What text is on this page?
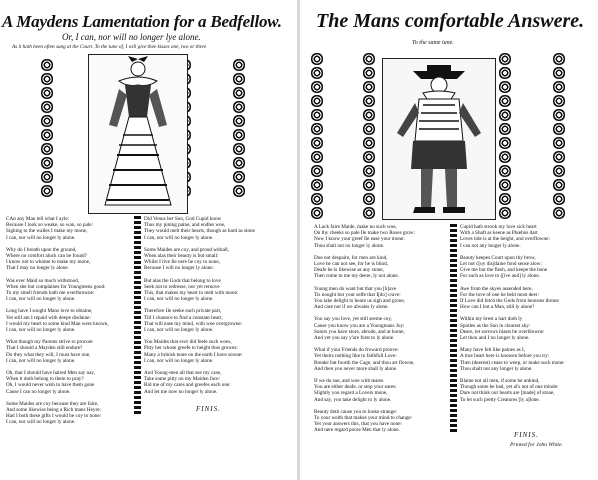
A Maydens Lamentation for a Bedfellow.
Or, I can, nor will no longer lye alone.
As it hath been often sung at the Court. To the tune of, I will give thee kisses one, two or three
CAn any Man tell what I ayle:
Because I look so weake, so wan, so pale:
Sighing to the walles I make my mone,
I can, nor will no longer ly alone.
Why do I breath upon the ground,
Where no comfort aluck can be found?
I know not to whome to make my mone,
That I may no longer ly alone.
Was ever Maid so much withstood,
When she but complaines for Youngmens good:
To my smell friends hath me overthrowne:
I can, nor will no longer ly alone.
Long have I sought Mans love to obtaine,
Yet still am I repaid with deepe disdaine:
I would my heart to some kind Man were known,
I can, nor will no longer ly alone.
What though my Parents strive to procure
That I should a Mayden still endure?
Do they what they will, I must have one,
I can, nor will no longer ly alone.
Oh, that I should have hatred Men say nay,
When it doth belong to them to pray?
Oh, I would never wish to have them gone
Cause I can no longer ly alone.
Some Maides are coy because they are faire,
And some likewise being a Rich mans Heyre:
Had I both these gifts I would be coy to none:
I can, nor will no longer ly alone.
Did Venus her Son, God Cupid know
Thus my pining paine, and endles woe,
They would melt their hearts, though as hard as stone
I can, nor will no longer ly alone.
Some Maides are coy, and proud withall,
When alas their beauty is but small:
Whilst I live Ile nere be coy to none,
Because I will no longer ly alone.
But alas the Gods that belong to love
Seek not to redresse, nor yet remove
This, that makes my heart to melt with mone:
I can, nor will no longer ly alone.
Therefore Ile seeke each private part,
Till I chaunce to find a constant heart,
That will ease my mind, with woe overgrowne:
I can, nor will no longer ly alone.
You Maides that ever did feele such woes,
Pitty her whose greefe to height thus growes:
Many a brinish teare on the earth I have sowne:
I can, nor will no longer ly alone.
And Young-men all that see my case,
Take some pitty on my Maiden face:
Rid me of my cares and greefes each one:
And let me now no longer ly alone.
FINIS.
The Mans comfortable Answere.
To the same tune.
A Lack faire Maide, make no such woe,
On thy cheeks so pale Ile make two Roses grow:
Now I know your greef Ile ease your mone:
Thou shalt not no longer ly alone.
Doe not despaire, for men are kind,
Love he can not see, for he is blind,
Deafe he is likewise as any stone,
Then come to me my deere, ly not alone.
Young men do want but that you [h]ave
Tis nought but your selfe that I[do] crave:
You take delight to heare us sigh and grone,
And care not if we alwaies ly alone.
You say you love, yet still seeme coy,
Cause you know you are a Youngmans Joy:
Sutors you have store, abrode, and at home,
And yet you say y'are forst to ly alone.
What if your Friends do froward proove:
Yet theirs nothing like to faithfull Love:
Breake but foorth the Cage, and thou art flowne,
And then you never more shall ly alone.
If we do sue, and woe with teares
You are either deafe, or stop your eares:
Slightly you regard a Lovers mone,
And say, you take delight to ly alone.
Beauty doth cause you to looke strange:
To your welth that makes your mind to change:
Yet your answers this, that you have none:
And nere regard poore Men that ly alone.
Cupid hath strook my love sick heart
With a Shaft as keene as Phœbus dart
Loves tide is at the height, and overflowne:
I can not any longer ly alone.
Beauty keepes Court upon thy brow,
Let not c[oy dis]daine fond sense alow:
Give me but the flesh, and keepe the bone
For such as love to ([ive and] ly alone.
Awe from the skyes assended here,
For the love of one he held most deer:
If Love did fetch the Gods from heavens throne
How can I but a Man, still ly alone?
Within my brest a hart doth ly
Spotles as the Sun in clearest sky:
Deare, let sorrows blasts be overblowne:
Let thou and I no longer ly alone.
Many have felt like paines as I,
A true heart here is knowen before you try:
Then (deerest) cease to weep, or make such mone:
Thou shalt not any longer ly alone.
Blame not all men, if some be unkind,
Though some be bad, yet al's not of one minde:
Dare not think our hearts are [made] of stone,
To let such pretty Creatures [ly a]lone.
FINIS.
Printed for John White.
